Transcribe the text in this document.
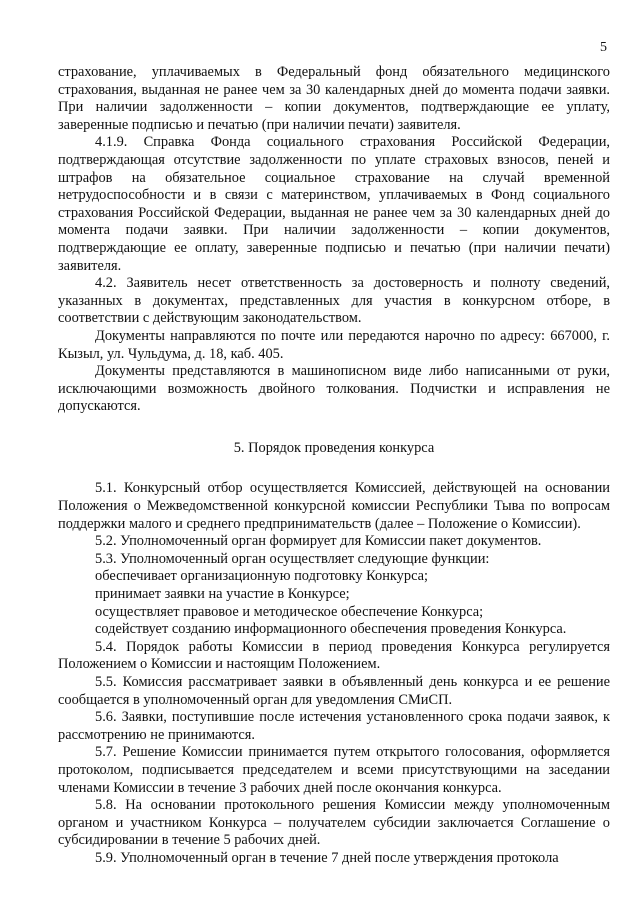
5

страхование, уплачиваемых в Федеральный фонд обязательного медицинского страхования, выданная не ранее чем за 30 календарных дней до момента подачи заявки. При наличии задолженности – копии документов, подтверждающие ее уплату, заверенные подписью и печатью (при наличии печати) заявителя.

4.1.9. Справка Фонда социального страхования Российской Федерации, подтверждающая отсутствие задолженности по уплате страховых взносов, пеней и штрафов на обязательное социальное страхование на случай временной нетрудоспособности и в связи с материнством, уплачиваемых в Фонд социального страхования Российской Федерации, выданная не ранее чем за 30 календарных дней до момента подачи заявки. При наличии задолженности – копии документов, подтверждающие ее оплату, заверенные подписью и печатью (при наличии печати) заявителя.

4.2. Заявитель несет ответственность за достоверность и полноту сведений, указанных в документах, представленных для участия в конкурсном отборе, в соответствии с действующим законодательством.

Документы направляются по почте или передаются нарочно по адресу: 667000, г. Кызыл, ул. Чульдума, д. 18, каб. 405.

Документы представляются в машинописном виде либо написанными от руки, исключающими возможность двойного толкования. Подчистки и исправления не допускаются.

5. Порядок проведения конкурса

5.1. Конкурсный отбор осуществляется Комиссией, действующей на основании Положения о Межведомственной конкурсной комиссии Республики Тыва по вопросам поддержки малого и среднего предпринимательств (далее – Положение о Комиссии).

5.2. Уполномоченный орган формирует для Комиссии пакет документов.

5.3. Уполномоченный орган осуществляет следующие функции:

обеспечивает организационную подготовку Конкурса;

принимает заявки на участие в Конкурсе;

осуществляет правовое и методическое обеспечение Конкурса;

содействует созданию информационного обеспечения проведения Конкурса.

5.4. Порядок работы Комиссии в период проведения Конкурса регулируется Положением о Комиссии и настоящим Положением.

5.5. Комиссия рассматривает заявки в объявленный день конкурса и ее решение сообщается в уполномоченный орган для уведомления СМиСП.

5.6. Заявки, поступившие после истечения установленного срока подачи заявок, к рассмотрению не принимаются.

5.7. Решение Комиссии принимается путем открытого голосования, оформляется протоколом, подписывается председателем и всеми присутствующими на заседании членами Комиссии в течение 3 рабочих дней после окончания конкурса.

5.8. На основании протокольного решения Комиссии между уполномоченным органом и участником Конкурса – получателем субсидии заключается Соглашение о субсидировании в течение 5 рабочих дней.

5.9. Уполномоченный орган в течение 7 дней после утверждения протокола
